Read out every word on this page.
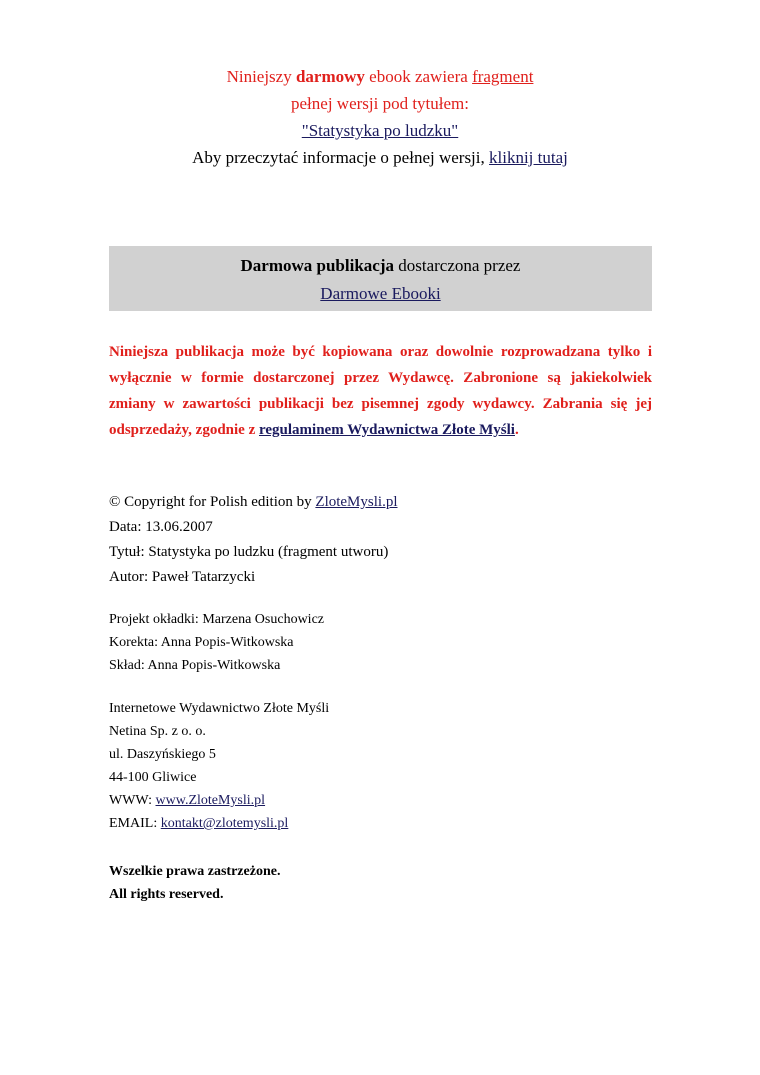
Niniejszy darmowy ebook zawiera fragment
pełnej wersji pod tytułem:
"Statystyka po ludzku"
Aby przeczytać informacje o pełnej wersji, kliknij tutaj
Darmowa publikacja dostarczona przez
Darmowe Ebooki
Niniejsza publikacja może być kopiowana oraz dowolnie rozprowadzana tylko i wyłącznie w formie dostarczonej przez Wydawcę. Zabronione są jakiekolwiek zmiany w zawartości publikacji bez pisemnej zgody wydawcy. Zabrania się jej odsprzedaży, zgodnie z regulaminem Wydawnictwa Złote Myśli.
© Copyright for Polish edition by ZloteMysli.pl
Data: 13.06.2007
Tytuł: Statystyka po ludzku (fragment utworu)
Autor: Paweł Tatarzycki
Projekt okładki: Marzena Osuchowicz
Korekta: Anna Popis-Witkowska
Skład: Anna Popis-Witkowska
Internetowe Wydawnictwo Złote Myśli
Netina Sp. z o. o.
ul. Daszyńskiego 5
44-100 Gliwice
WWW: www.ZloteMysli.pl
EMAIL: kontakt@zlotemysli.pl
Wszelkie prawa zastrzeżone.
All rights reserved.
